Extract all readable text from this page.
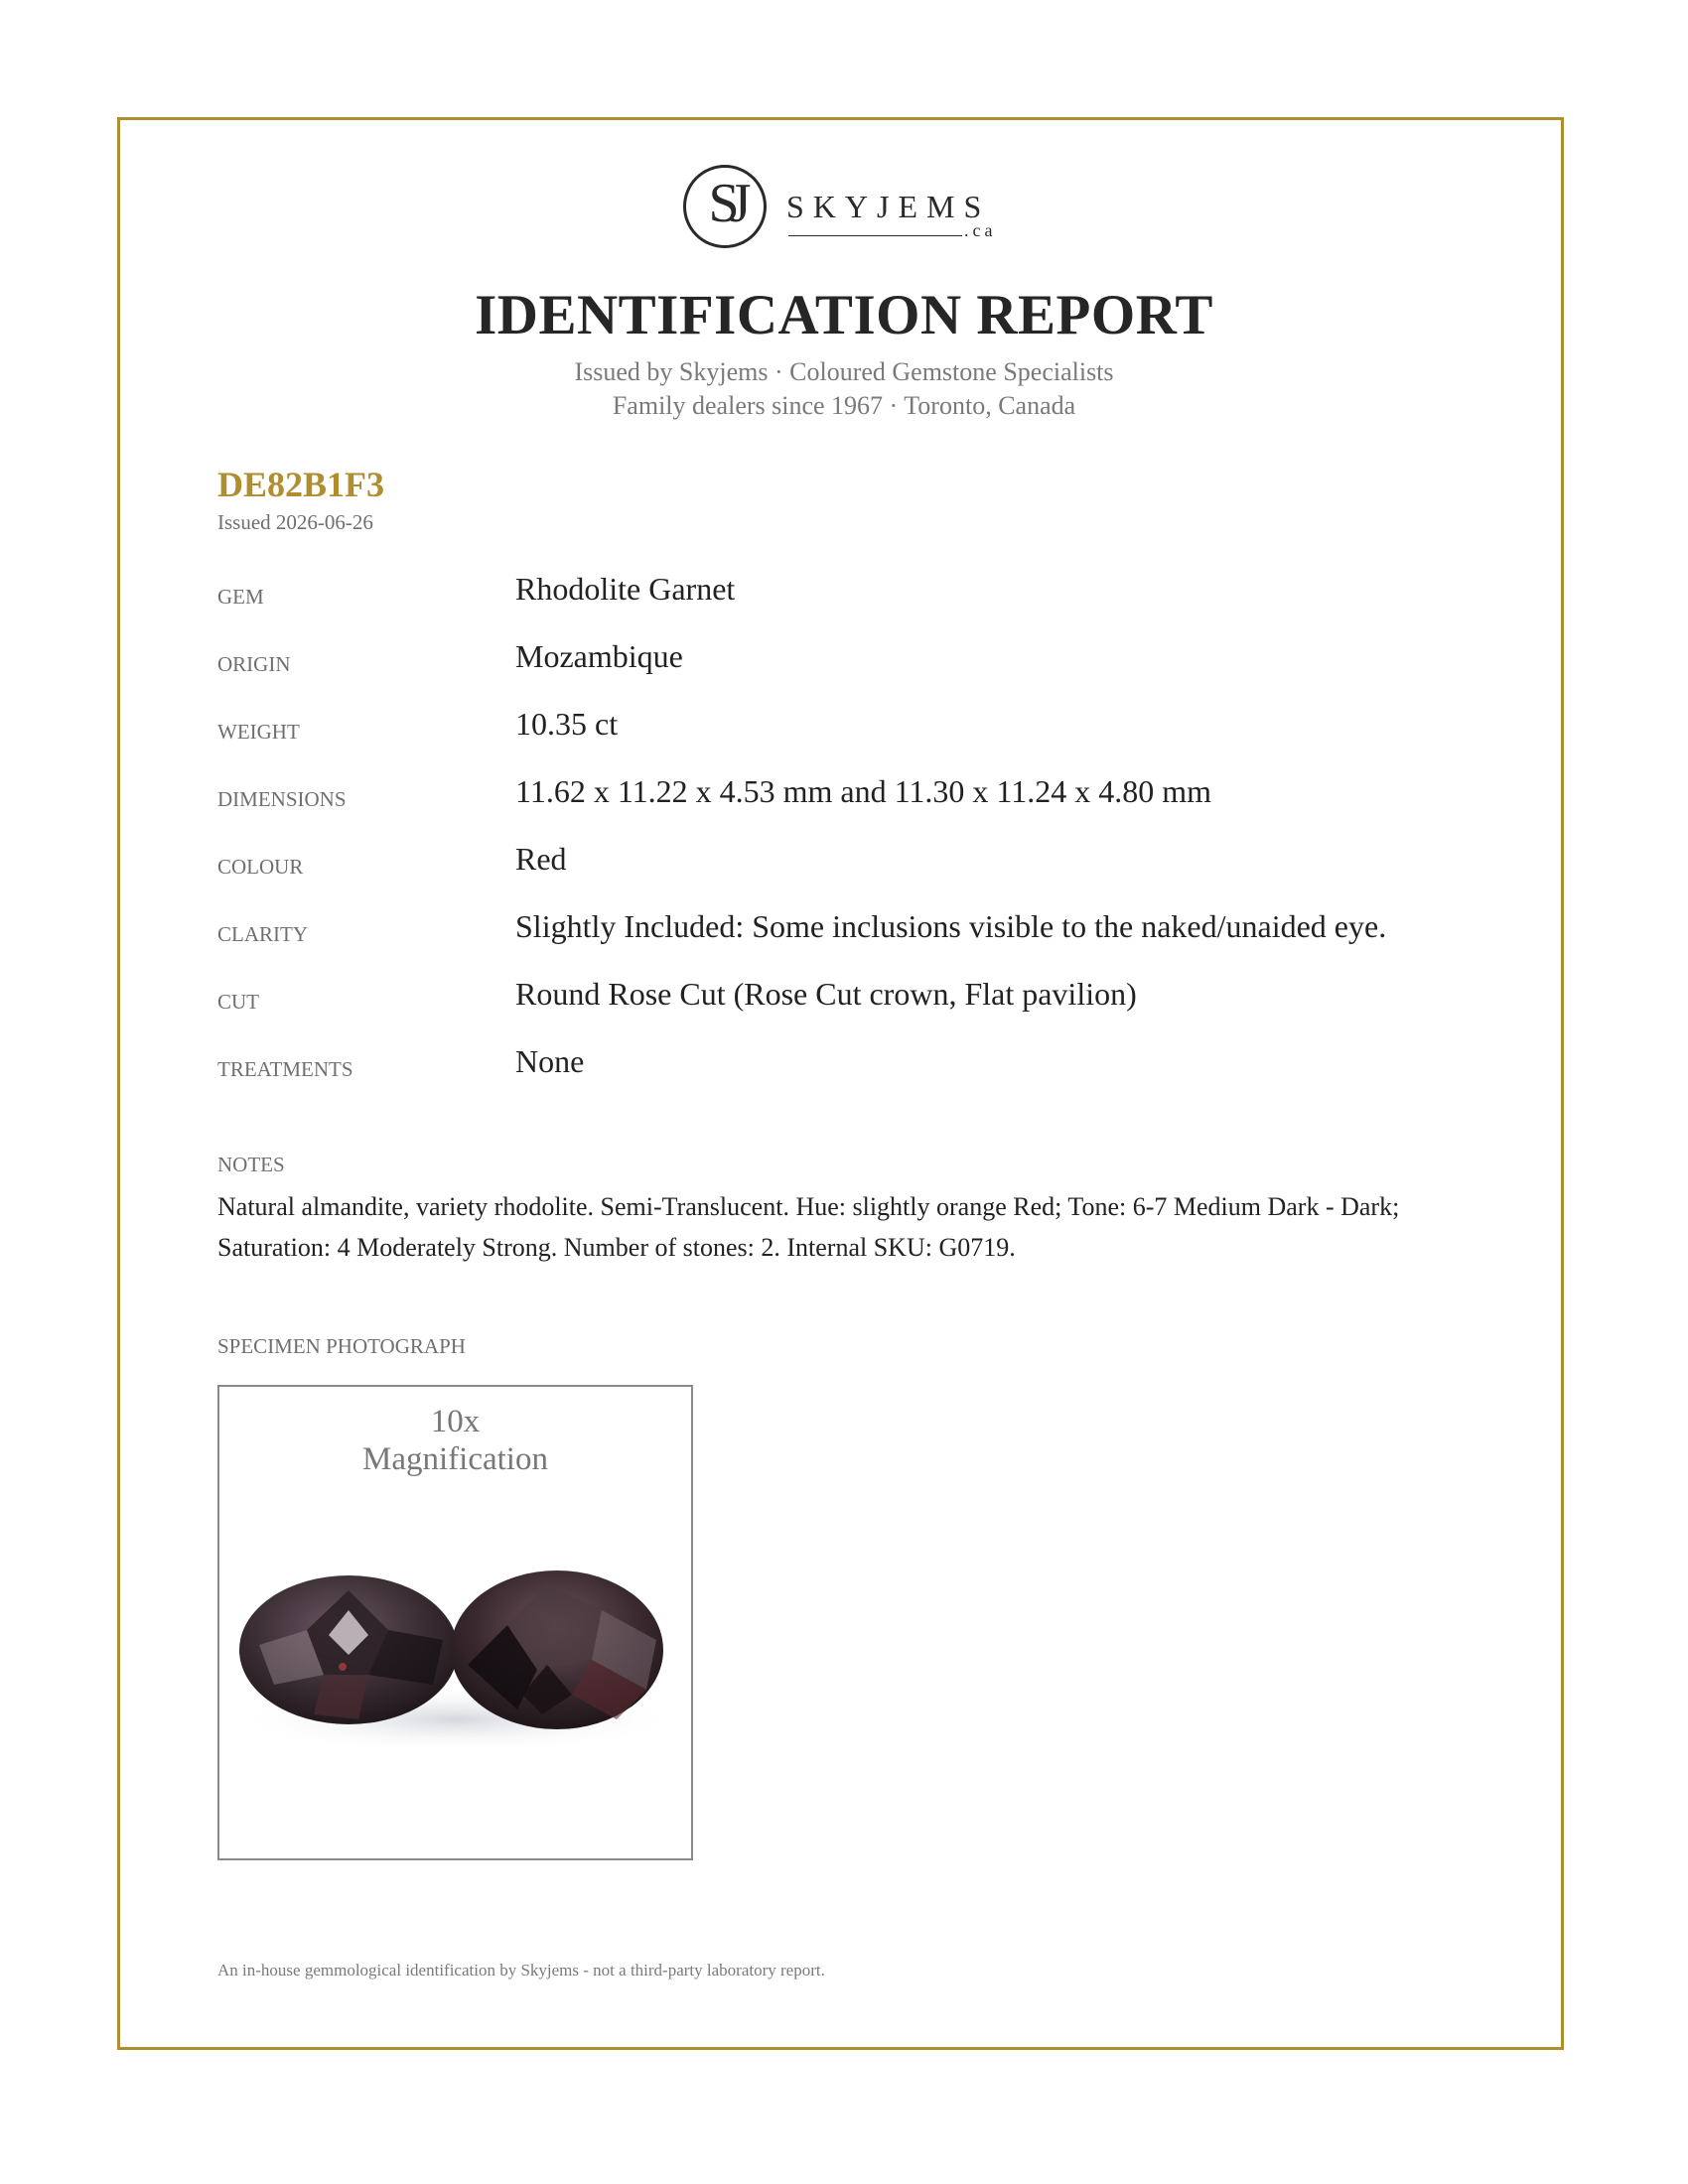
SJ	SKYJEMS
.ca
IDENTIFICATION REPORT
Issued by Skyjems · Coloured Gemstone Specialists
Family dealers since 1967 · Toronto, Canada
DE82B1F3
Issued 2026-06-26
GEM	Rhodolite Garnet
ORIGIN	Mozambique
WEIGHT	10.35 ct
DIMENSIONS	11.62 x 11.22 x 4.53 mm and 11.30 x 11.24 x 4.80 mm
COLOUR	Red
CLARITY	Slightly Included: Some inclusions visible to the naked/unaided eye.
CUT	Round Rose Cut (Rose Cut crown, Flat pavilion)
TREATMENTS	None
NOTES
Natural almandite, variety rhodolite. Semi-Translucent. Hue: slightly orange Red; Tone: 6-7 Medium Dark - Dark; Saturation: 4 Moderately Strong. Number of stones: 2. Internal SKU: G0719.
SPECIMEN PHOTOGRAPH
10x
Magnification
An in-house gemmological identification by Skyjems - not a third-party laboratory report.
